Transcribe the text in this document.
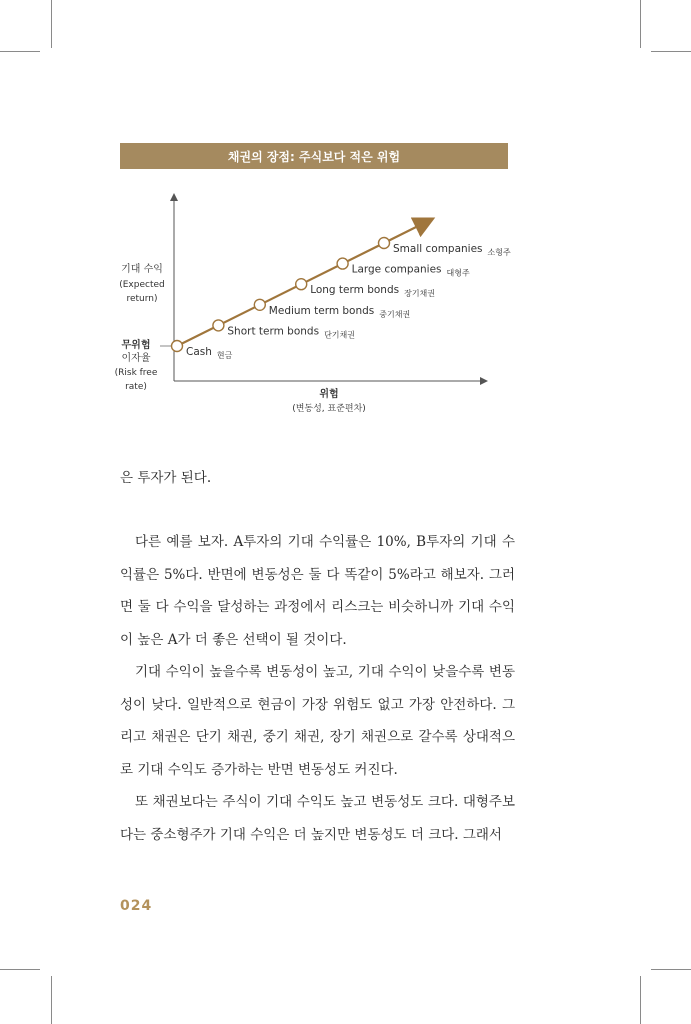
채권의 장점: 주식보다 적은 위험
기대 수익
(Expected
return)
무위험
이자율
(Risk free
rate)
위험
(변동성, 표준편차)
Cash 현금
Short term bonds 단기채권
Medium term bonds 중기채권
Long term bonds 장기채권
Large companies 대형주
Small companies 소형주

은 투자가 된다.

다른 예를 보자. A투자의 기대 수익률은 10%, B투자의 기대 수익률은 5%다. 반면에 변동성은 둘 다 똑같이 5%라고 해보자. 그러면 둘 다 수익을 달성하는 과정에서 리스크는 비슷하니까 기대 수익이 높은 A가 더 좋은 선택이 될 것이다.

기대 수익이 높을수록 변동성이 높고, 기대 수익이 낮을수록 변동성이 낮다. 일반적으로 현금이 가장 위험도 없고 가장 안전하다. 그리고 채권은 단기 채권, 중기 채권, 장기 채권으로 갈수록 상대적으로 기대 수익도 증가하는 반면 변동성도 커진다.

또 채권보다는 주식이 기대 수익도 높고 변동성도 크다. 대형주보다는 중소형주가 기대 수익은 더 높지만 변동성도 더 크다. 그래서

024
